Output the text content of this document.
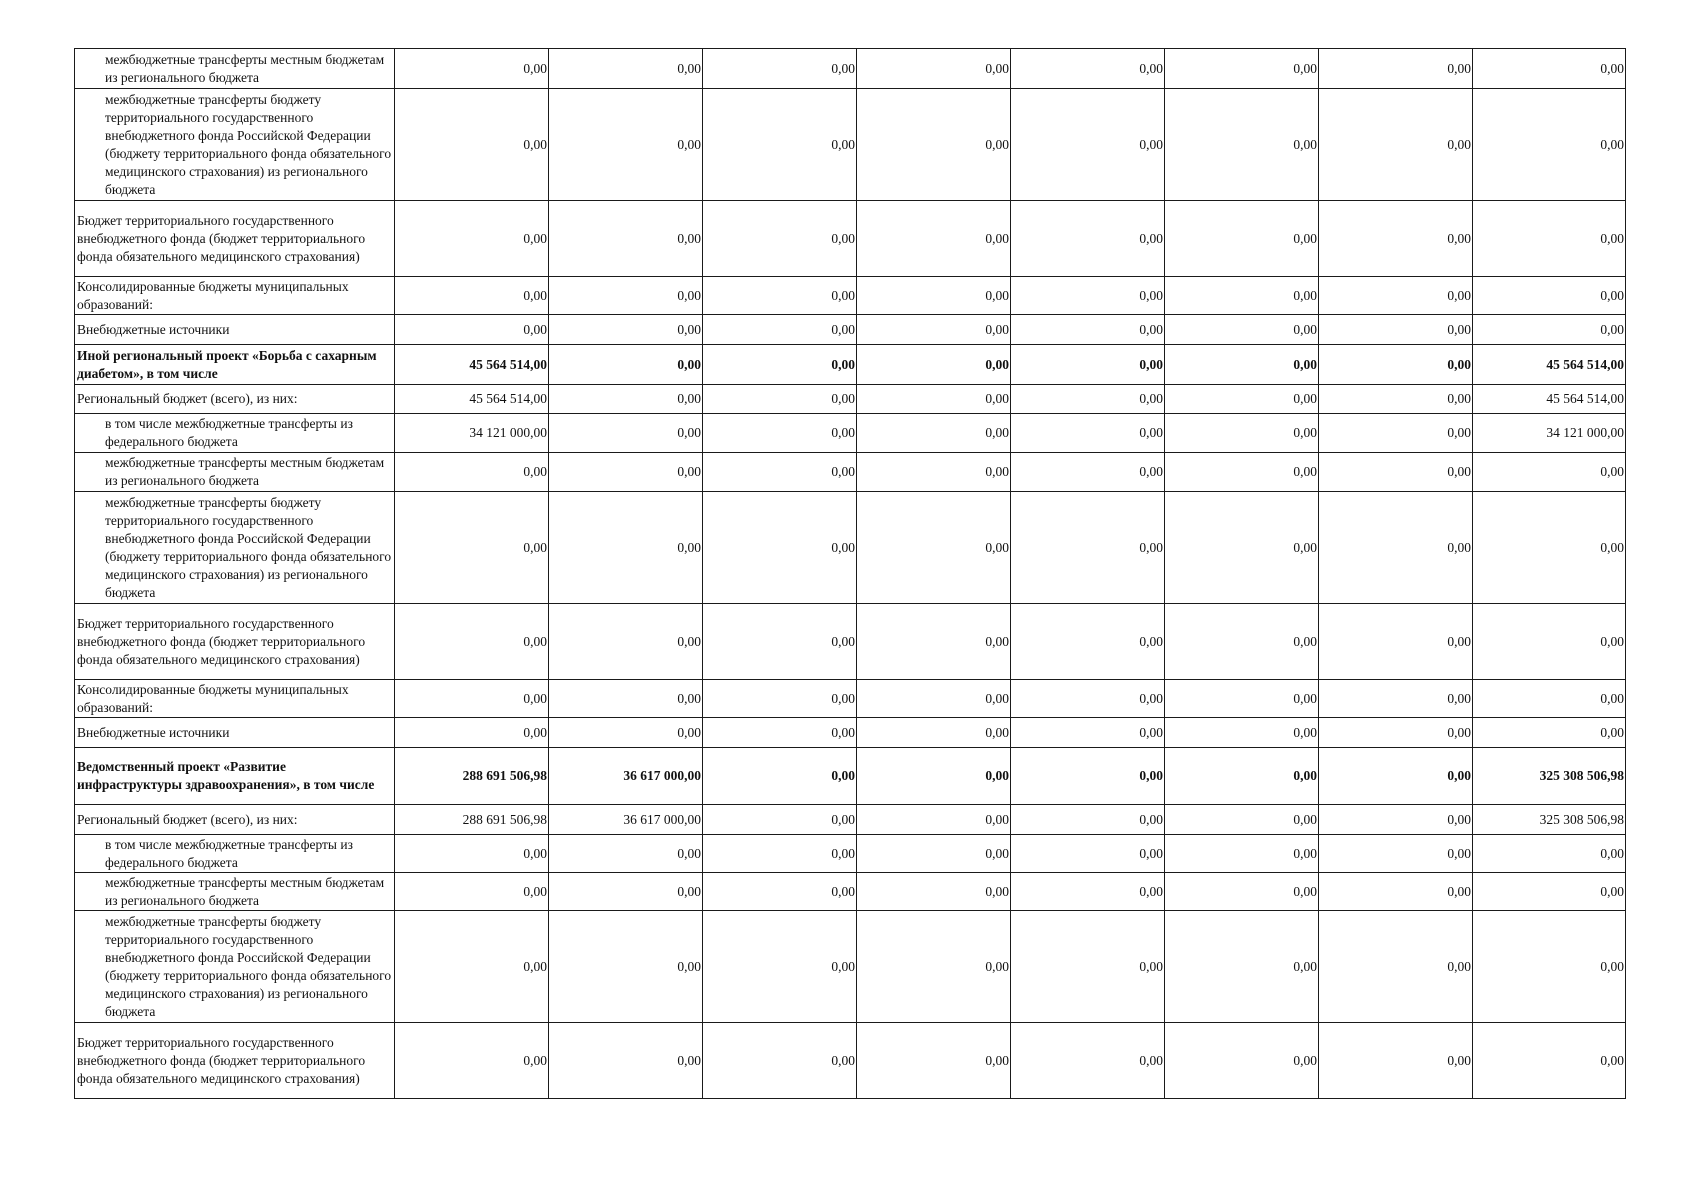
межбюджетные трансферты местным бюджетам из регионального бюджета	0,00	0,00	0,00	0,00	0,00	0,00	0,00	0,00
межбюджетные трансферты бюджету территориального государственного внебюджетного фонда Российской Федерации (бюджету территориального фонда обязательного медицинского страхования) из регионального бюджета	0,00	0,00	0,00	0,00	0,00	0,00	0,00	0,00
Бюджет территориального государственного внебюджетного фонда (бюджет территориального фонда обязательного медицинского страхования)	0,00	0,00	0,00	0,00	0,00	0,00	0,00	0,00
Консолидированные бюджеты муниципальных образований:	0,00	0,00	0,00	0,00	0,00	0,00	0,00	0,00
Внебюджетные источники	0,00	0,00	0,00	0,00	0,00	0,00	0,00	0,00
Иной региональный проект «Борьба с сахарным диабетом», в том числе	45 564 514,00	0,00	0,00	0,00	0,00	0,00	0,00	45 564 514,00
Региональный бюджет (всего), из них:	45 564 514,00	0,00	0,00	0,00	0,00	0,00	0,00	45 564 514,00
в том числе межбюджетные трансферты из федерального бюджета	34 121 000,00	0,00	0,00	0,00	0,00	0,00	0,00	34 121 000,00
межбюджетные трансферты местным бюджетам из регионального бюджета	0,00	0,00	0,00	0,00	0,00	0,00	0,00	0,00
межбюджетные трансферты бюджету территориального государственного внебюджетного фонда Российской Федерации (бюджету территориального фонда обязательного медицинского страхования) из регионального бюджета	0,00	0,00	0,00	0,00	0,00	0,00	0,00	0,00
Бюджет территориального государственного внебюджетного фонда (бюджет территориального фонда обязательного медицинского страхования)	0,00	0,00	0,00	0,00	0,00	0,00	0,00	0,00
Консолидированные бюджеты муниципальных образований:	0,00	0,00	0,00	0,00	0,00	0,00	0,00	0,00
Внебюджетные источники	0,00	0,00	0,00	0,00	0,00	0,00	0,00	0,00
Ведомственный проект «Развитие инфраструктуры здравоохранения», в том числе	288 691 506,98	36 617 000,00	0,00	0,00	0,00	0,00	0,00	325 308 506,98
Региональный бюджет (всего), из них:	288 691 506,98	36 617 000,00	0,00	0,00	0,00	0,00	0,00	325 308 506,98
в том числе межбюджетные трансферты из федерального бюджета	0,00	0,00	0,00	0,00	0,00	0,00	0,00	0,00
межбюджетные трансферты местным бюджетам из регионального бюджета	0,00	0,00	0,00	0,00	0,00	0,00	0,00	0,00
межбюджетные трансферты бюджету территориального государственного внебюджетного фонда Российской Федерации (бюджету территориального фонда обязательного медицинского страхования) из регионального бюджета	0,00	0,00	0,00	0,00	0,00	0,00	0,00	0,00
Бюджет территориального государственного внебюджетного фонда (бюджет территориального фонда обязательного медицинского страхования)	0,00	0,00	0,00	0,00	0,00	0,00	0,00	0,00
